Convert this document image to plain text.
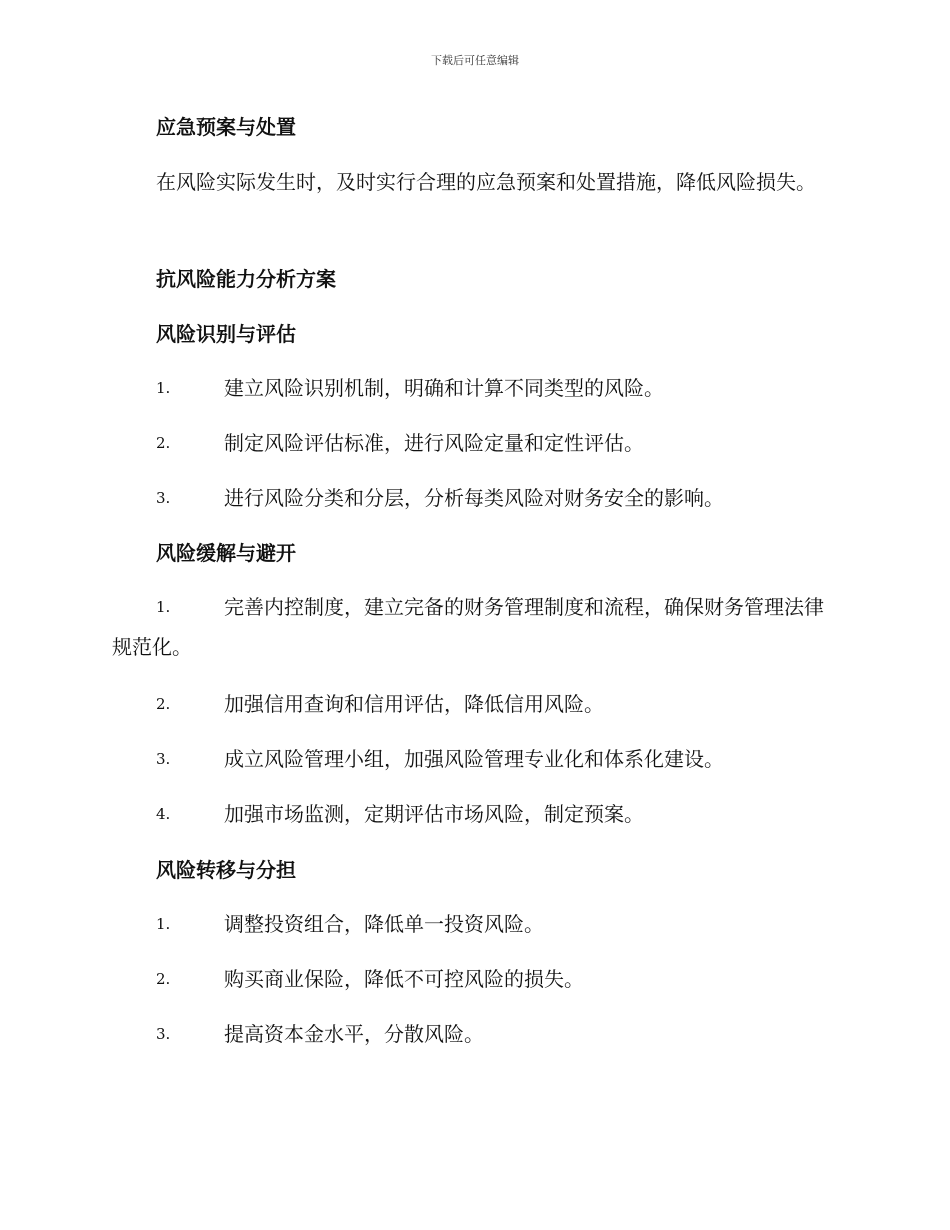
下载后可任意编辑
应急预案与处置
在风险实际发生时，及时实行合理的应急预案和处置措施，降低风险损失。
抗风险能力分析方案
风险识别与评估
1.	建立风险识别机制，明确和计算不同类型的风险。
2.	制定风险评估标准，进行风险定量和定性评估。
3.	进行风险分类和分层，分析每类风险对财务安全的影响。
风险缓解与避开
1.	完善内控制度，建立完备的财务管理制度和流程，确保财务管理法律规范化。
2.	加强信用查询和信用评估，降低信用风险。
3.	成立风险管理小组，加强风险管理专业化和体系化建设。
4.	加强市场监测，定期评估市场风险，制定预案。
风险转移与分担
1.	调整投资组合，降低单一投资风险。
2.	购买商业保险，降低不可控风险的损失。
3.	提高资本金水平，分散风险。
